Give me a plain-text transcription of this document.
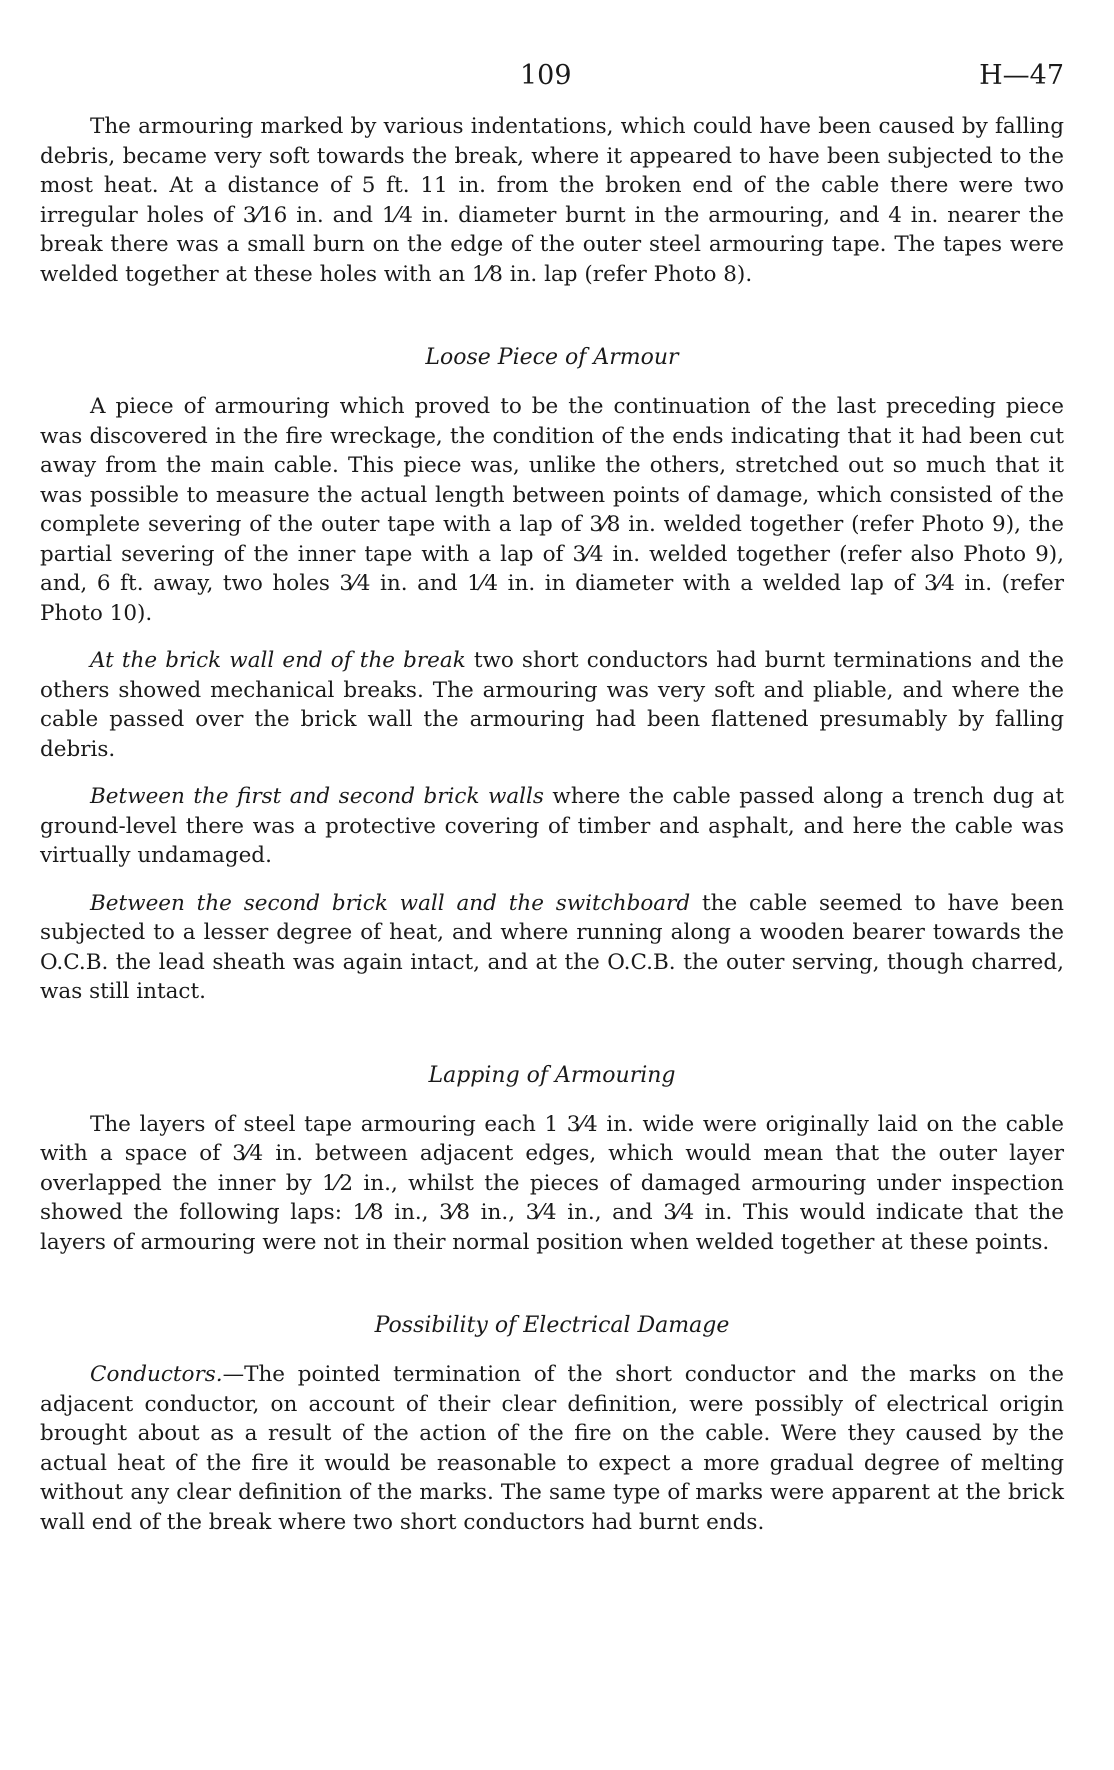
109	H—47

The armouring marked by various indentations, which could have been caused by falling debris, became very soft towards the break, where it appeared to have been subjected to the most heat. At a distance of 5 ft. 11 in. from the broken end of the cable there were two irregular holes of 3⁄16 in. and 1⁄4 in. diameter burnt in the armouring, and 4 in. nearer the break there was a small burn on the edge of the outer steel armouring tape. The tapes were welded together at these holes with an 1⁄8 in. lap (refer Photo 8).

Loose Piece of Armour

A piece of armouring which proved to be the continuation of the last preceding piece was discovered in the fire wreckage, the condition of the ends indicating that it had been cut away from the main cable. This piece was, unlike the others, stretched out so much that it was possible to measure the actual length between points of damage, which consisted of the complete severing of the outer tape with a lap of 3⁄8 in. welded together (refer Photo 9), the partial severing of the inner tape with a lap of 3⁄4 in. welded together (refer also Photo 9), and, 6 ft. away, two holes 3⁄4 in. and 1⁄4 in. in diameter with a welded lap of 3⁄4 in. (refer Photo 10).

At the brick wall end of the break two short conductors had burnt terminations and the others showed mechanical breaks. The armouring was very soft and pliable, and where the cable passed over the brick wall the armouring had been flattened presumably by falling debris.

Between the first and second brick walls where the cable passed along a trench dug at ground-level there was a protective covering of timber and asphalt, and here the cable was virtually undamaged.

Between the second brick wall and the switchboard the cable seemed to have been subjected to a lesser degree of heat, and where running along a wooden bearer towards the O.C.B. the lead sheath was again intact, and at the O.C.B. the outer serving, though charred, was still intact.

Lapping of Armouring

The layers of steel tape armouring each 1 3⁄4 in. wide were originally laid on the cable with a space of 3⁄4 in. between adjacent edges, which would mean that the outer layer overlapped the inner by 1⁄2 in., whilst the pieces of damaged armouring under inspection showed the following laps: 1⁄8 in., 3⁄8 in., 3⁄4 in., and 3⁄4 in. This would indicate that the layers of armouring were not in their normal position when welded together at these points.

Possibility of Electrical Damage

Conductors.—The pointed termination of the short conductor and the marks on the adjacent conductor, on account of their clear definition, were possibly of electrical origin brought about as a result of the action of the fire on the cable. Were they caused by the actual heat of the fire it would be reasonable to expect a more gradual degree of melting without any clear definition of the marks. The same type of marks were apparent at the brick wall end of the break where two short conductors had burnt ends.
